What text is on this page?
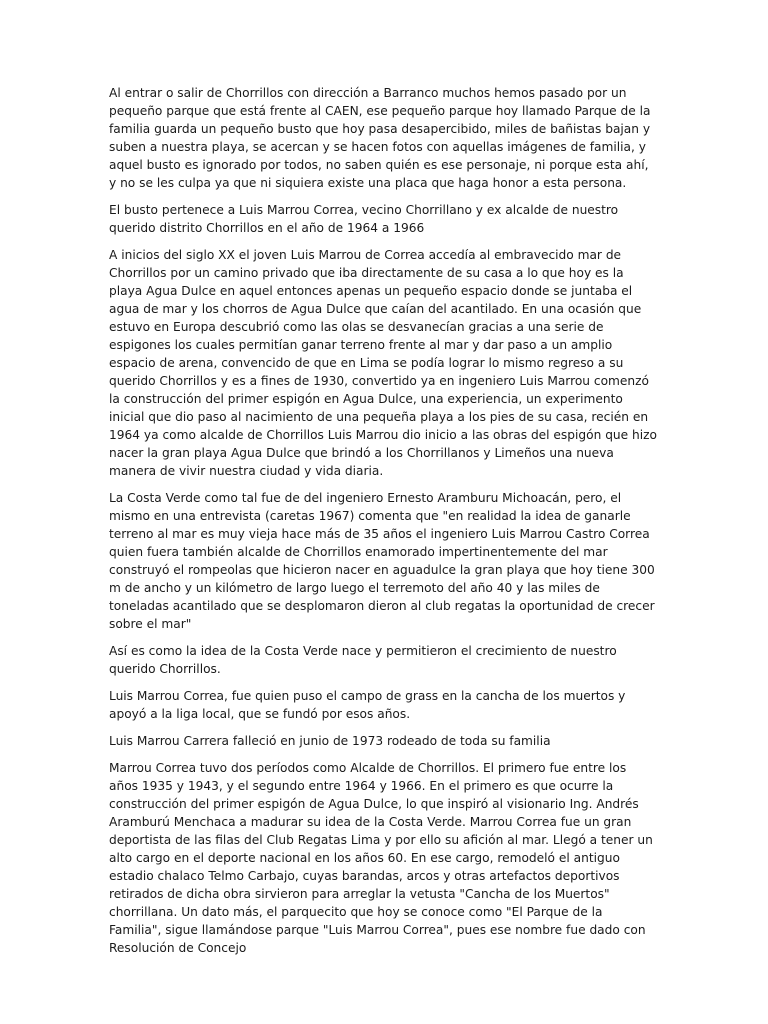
Al entrar o salir de Chorrillos con dirección a Barranco muchos hemos pasado por un pequeño parque que está frente al CAEN, ese pequeño parque hoy llamado Parque de la familia guarda un pequeño busto que hoy pasa desapercibido, miles de bañistas bajan y suben a nuestra playa, se acercan y se hacen fotos con aquellas imágenes de familia, y aquel busto es ignorado por todos, no saben quién es ese personaje, ni porque esta ahí, y no se les culpa ya que ni siquiera existe una placa que haga honor a esta persona.

El busto pertenece a Luis Marrou Correa, vecino Chorrillano y ex alcalde de nuestro querido distrito Chorrillos en el año de 1964 a 1966

A inicios del siglo XX el joven Luis Marrou de Correa accedía al embravecido mar de Chorrillos por un camino privado que iba directamente de su casa a lo que hoy es la playa Agua Dulce en aquel entonces apenas un pequeño espacio donde se juntaba el agua de mar y los chorros de Agua Dulce que caían del acantilado. En una ocasión que estuvo en Europa descubrió como las olas se desvanecían gracias a una serie de espigones los cuales permitían ganar terreno frente al mar y dar paso a un amplio espacio de arena, convencido de que en Lima se podía lograr lo mismo regreso a su querido Chorrillos y es a fines de 1930, convertido ya en ingeniero Luis Marrou comenzó la construcción del primer espigón en Agua Dulce, una experiencia, un experimento inicial que dio paso al nacimiento de una pequeña playa a los pies de su casa, recién en 1964 ya como alcalde de Chorrillos Luis Marrou dio inicio a las obras del espigón que hizo nacer la gran playa Agua Dulce que brindó a los Chorrillanos y Limeños una nueva manera de vivir nuestra ciudad y vida diaria.

La Costa Verde como tal fue de del ingeniero Ernesto Aramburu Michoacán, pero, el mismo en una entrevista (caretas 1967) comenta que "en realidad la idea de ganarle terreno al mar es muy vieja hace más de 35 años el ingeniero Luis Marrou Castro Correa quien fuera también alcalde de Chorrillos enamorado impertinentemente del mar construyó el rompeolas que hicieron nacer en aguadulce la gran playa que hoy tiene 300 m de ancho y un kilómetro de largo luego el terremoto del año 40 y las miles de toneladas acantilado que se desplomaron dieron al club regatas la oportunidad de crecer sobre el mar"

Así es como la idea de la Costa Verde nace y permitieron el crecimiento de nuestro querido Chorrillos.

Luis Marrou Correa, fue quien puso el campo de grass en la cancha de los muertos y apoyó a la liga local, que se fundó por esos años.

Luis Marrou Carrera falleció en junio de 1973 rodeado de toda su familia

Marrou Correa tuvo dos períodos como Alcalde de Chorrillos. El primero fue entre los años 1935 y 1943, y el segundo entre 1964 y 1966. En el primero es que ocurre la construcción del primer espigón de Agua Dulce, lo que inspiró al visionario Ing. Andrés Aramburú Menchaca a madurar su idea de la Costa Verde. Marrou Correa fue un gran deportista de las filas del Club Regatas Lima y por ello su afición al mar. Llegó a tener un alto cargo en el deporte nacional en los años 60. En ese cargo, remodeló el antiguo estadio chalaco Telmo Carbajo, cuyas barandas, arcos y otras artefactos deportivos retirados de dicha obra sirvieron para arreglar la vetusta "Cancha de los Muertos" chorrillana. Un dato más, el parquecito que hoy se conoce como "El Parque de la Familia", sigue llamándose parque "Luis Marrou Correa", pues ese nombre fue dado con Resolución de Concejo
